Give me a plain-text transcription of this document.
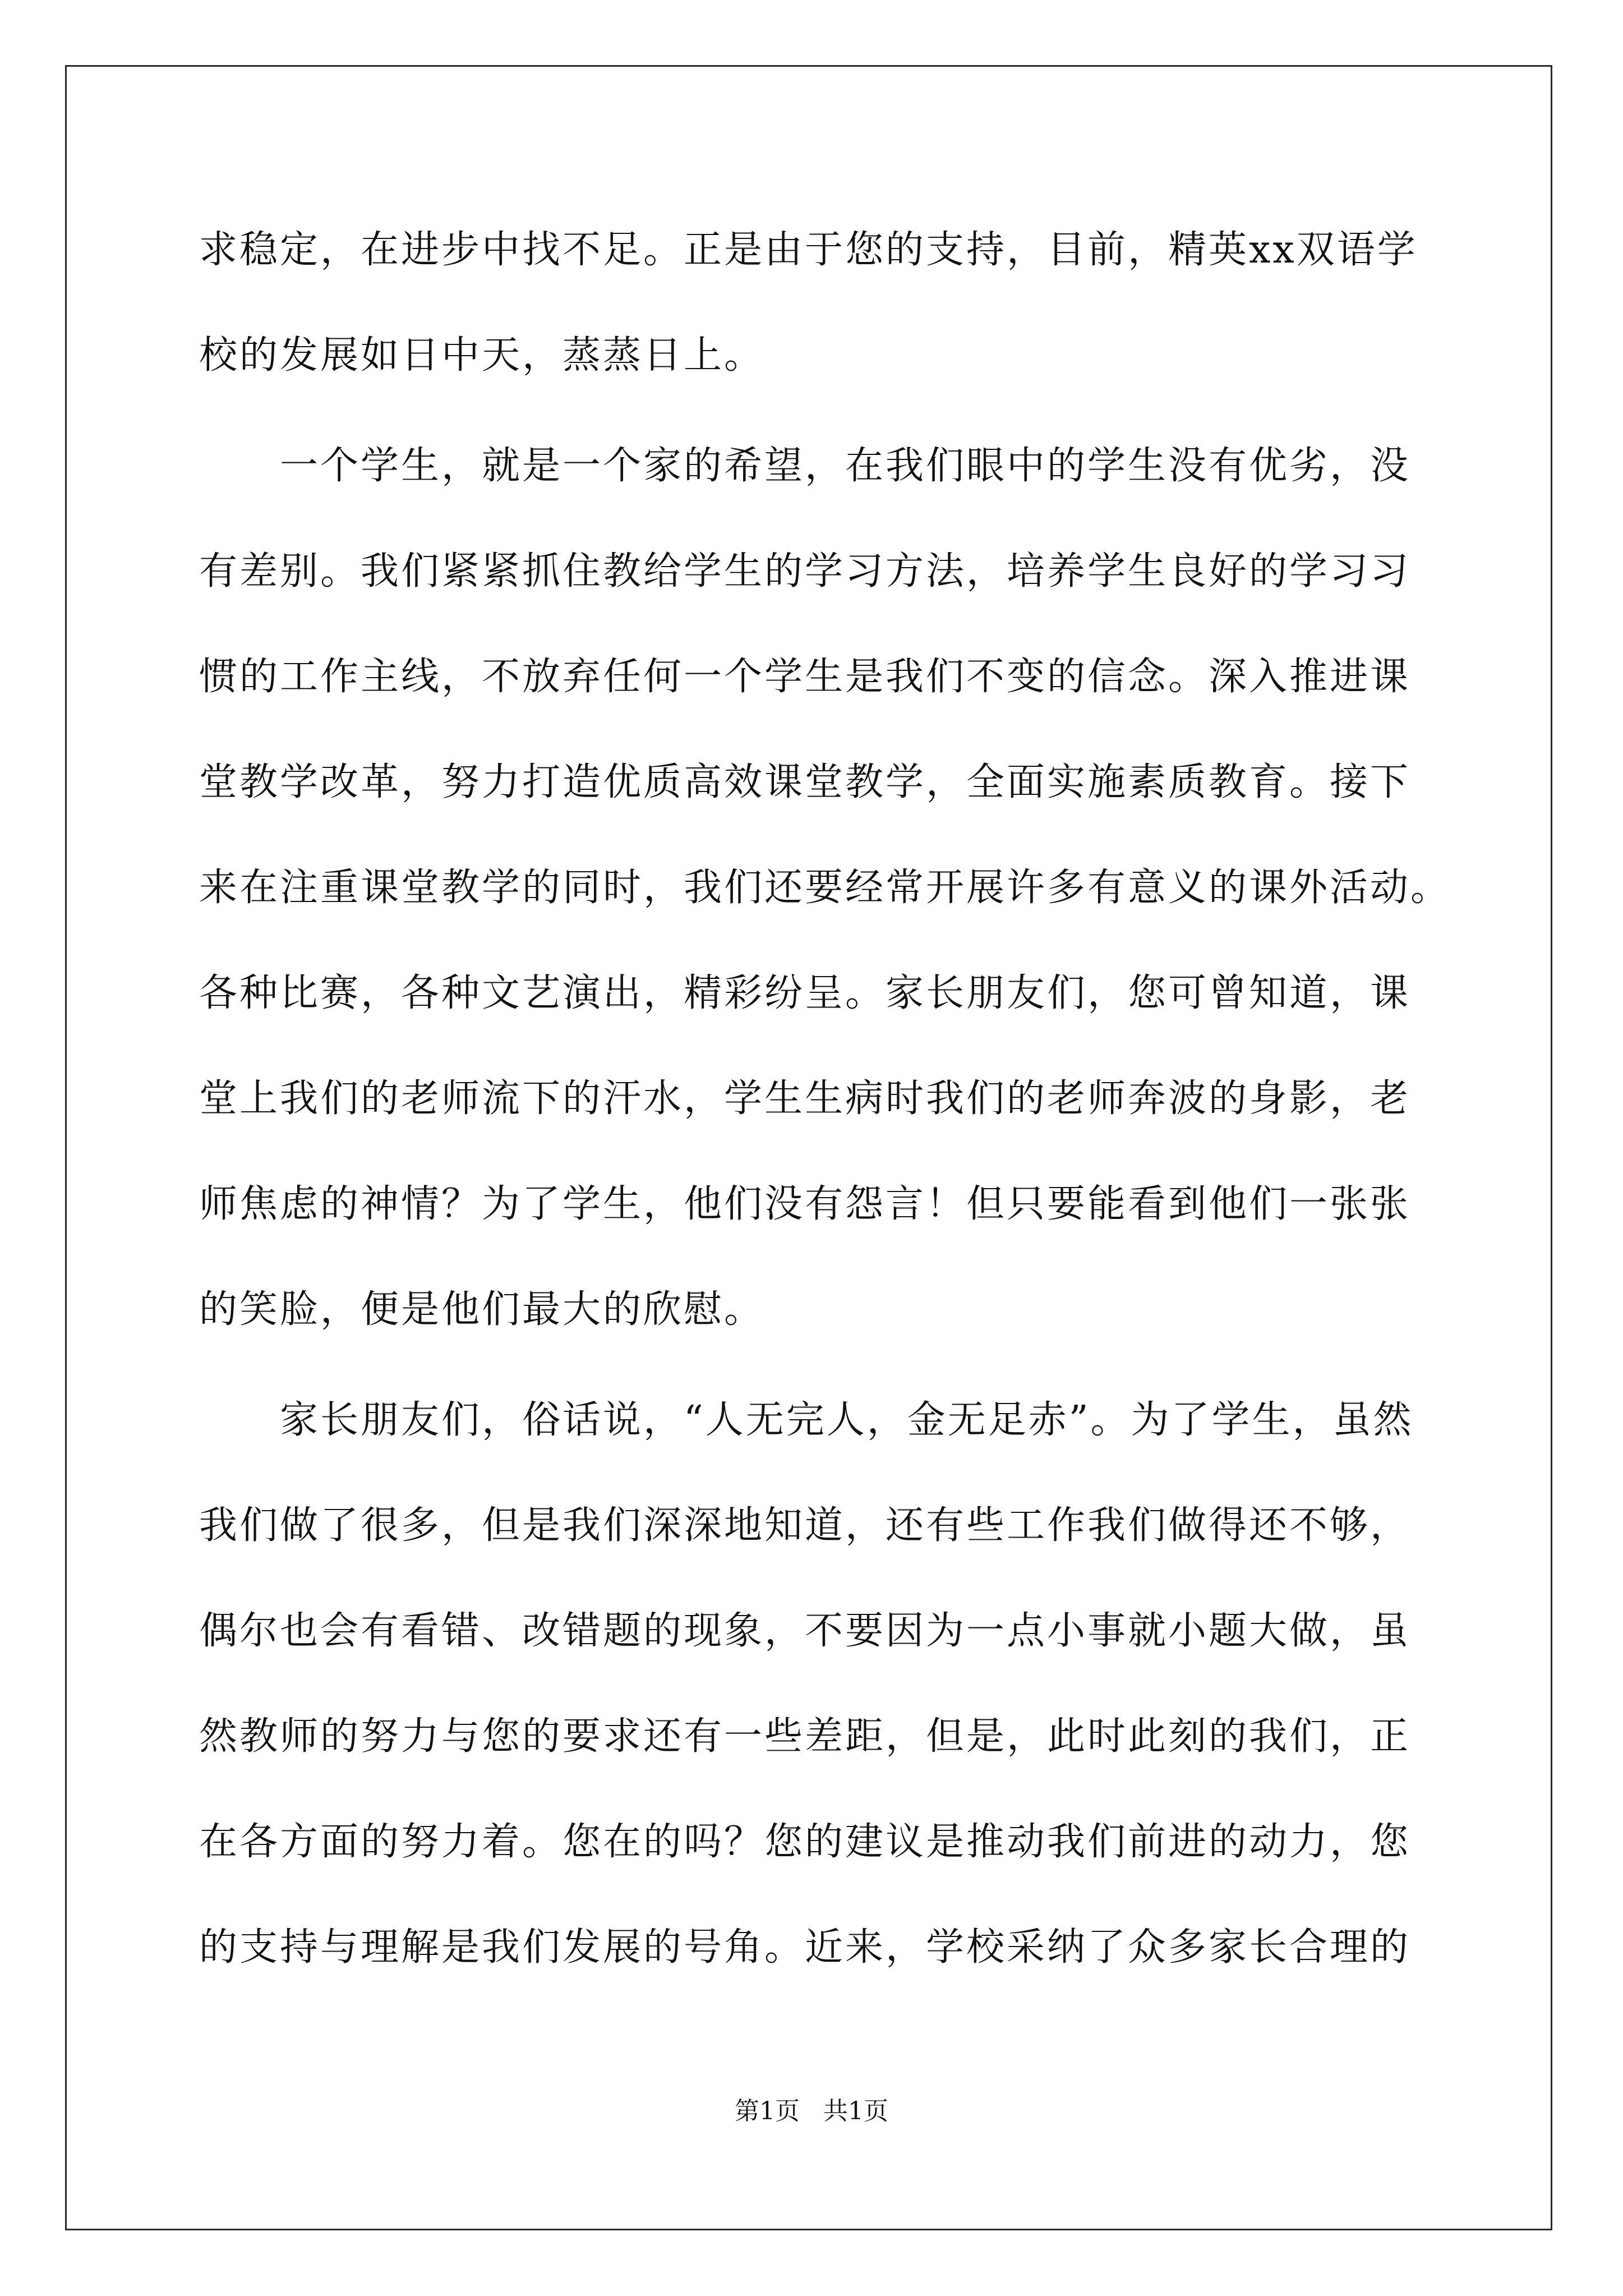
求稳定，在进步中找不足。正是由于您的支持，目前，精英xx双语学
校的发展如日中天，蒸蒸日上。
　　一个学生，就是一个家的希望，在我们眼中的学生没有优劣，没
有差别。我们紧紧抓住教给学生的学习方法，培养学生良好的学习习
惯的工作主线，不放弃任何一个学生是我们不变的信念。深入推进课
堂教学改革，努力打造优质高效课堂教学，全面实施素质教育。接下
来在注重课堂教学的同时，我们还要经常开展许多有意义的课外活动。
各种比赛，各种文艺演出，精彩纷呈。家长朋友们，您可曾知道，课
堂上我们的老师流下的汗水，学生生病时我们的老师奔波的身影，老
师焦虑的神情？为了学生，他们没有怨言！但只要能看到他们一张张
的笑脸，便是他们最大的欣慰。
　　家长朋友们，俗话说，“人无完人，金无足赤”。为了学生，虽然
我们做了很多，但是我们深深地知道，还有些工作我们做得还不够，
偶尔也会有看错、改错题的现象，不要因为一点小事就小题大做，虽
然教师的努力与您的要求还有一些差距，但是，此时此刻的我们，正
在各方面的努力着。您在的吗？您的建议是推动我们前进的动力，您
的支持与理解是我们发展的号角。近来，学校采纳了众多家长合理的
第1页   共1页
